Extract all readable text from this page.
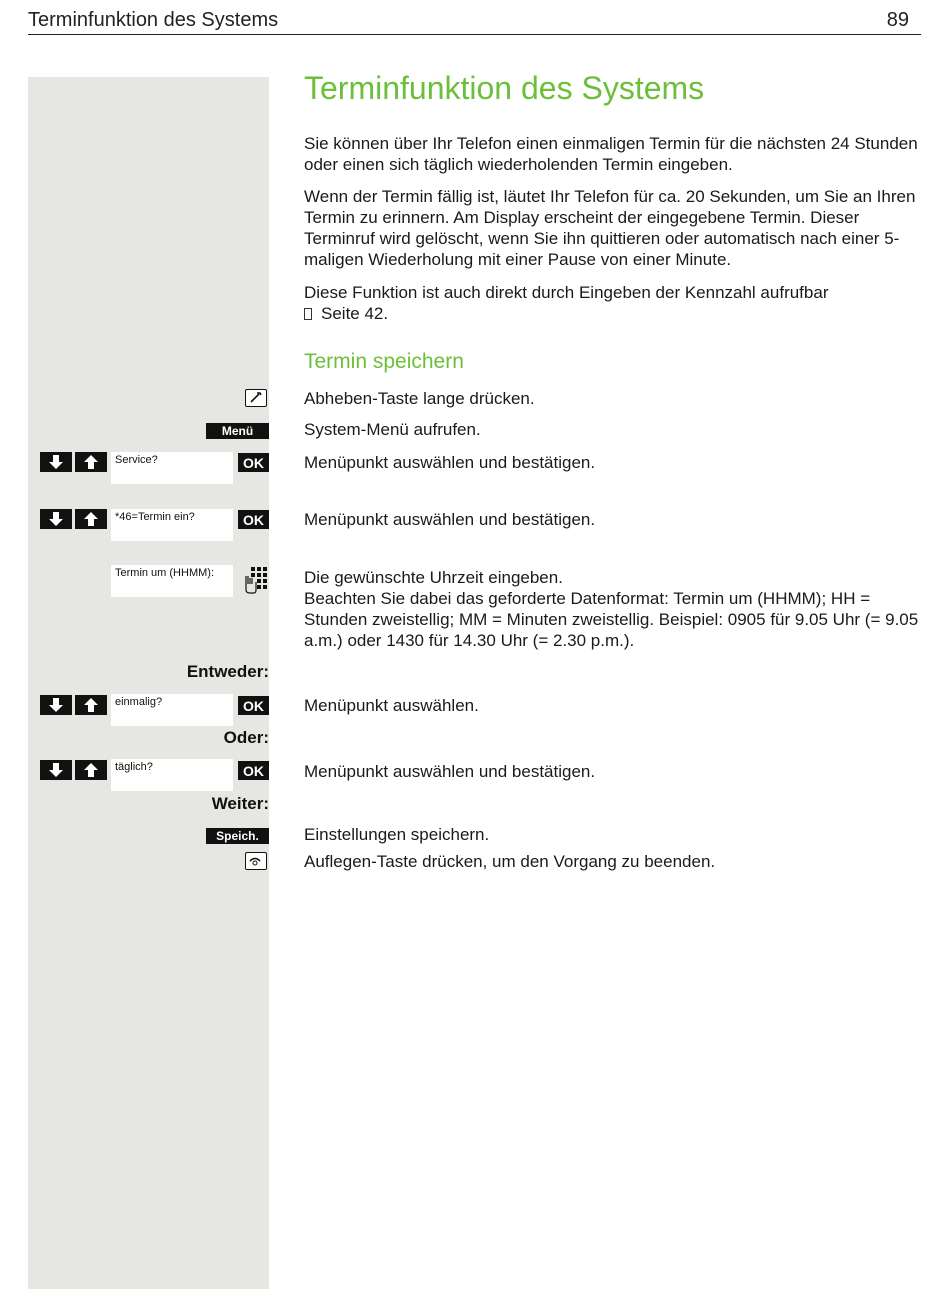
Terminfunktion des Systems	89
Terminfunktion des Systems
Sie können über Ihr Telefon einen einmaligen Termin für die nächsten 24 Stunden oder einen sich täglich wiederholenden Termin eingeben.
Wenn der Termin fällig ist, läutet Ihr Telefon für ca. 20 Sekunden, um Sie an Ihren Termin zu erinnern. Am Display erscheint der eingegebene Termin. Dieser Terminruf wird gelöscht, wenn Sie ihn quittieren oder automatisch nach einer 5-maligen Wiederholung mit einer Pause von einer Minute.
Diese Funktion ist auch direkt durch Eingeben der Kennzahl aufrufbar
Seite 42.
Termin speichern
Abheben-Taste lange drücken.
Menü	System-Menü aufrufen.
Service?	OK Menüpunkt auswählen und bestätigen.
*46=Termin ein?	OK Menüpunkt auswählen und bestätigen.
Termin um (HHMM):	Die gewünschte Uhrzeit eingeben.
Beachten Sie dabei das geforderte Datenformat: Termin um (HHMM); HH = Stunden zweistellig; MM = Minuten zweistellig. Beispiel: 0905 für 9.05 Uhr (= 9.05 a.m.) oder 1430 für 14.30 Uhr (= 2.30 p.m.).
Entweder:
einmalig?	OK Menüpunkt auswählen.
Oder:
täglich?	OK Menüpunkt auswählen und bestätigen.
Weiter:
Speich.	Einstellungen speichern.
Auflegen-Taste drücken, um den Vorgang zu beenden.
